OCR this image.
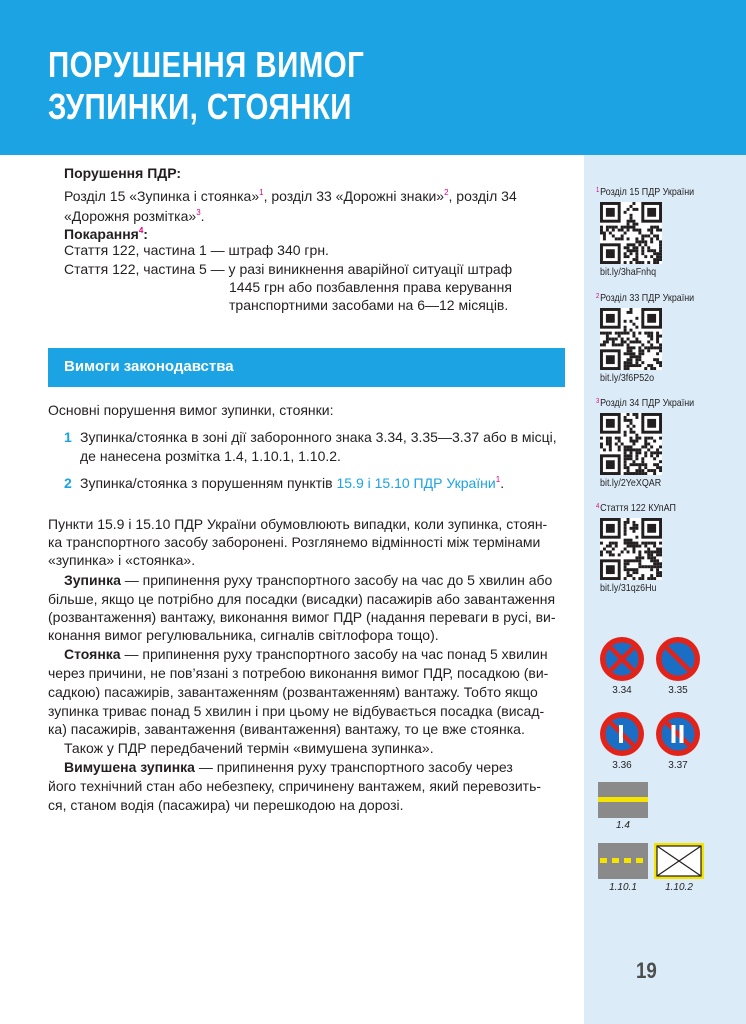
ПОРУШЕННЯ ВИМОГ
ЗУПИНКИ, СТОЯНКИ
$^1$Розділ 15 ПДР України
bit.ly/3haFnhq
$^2$Розділ 33 ПДР України
bit.ly/3f6P52o
$^3$Розділ 34 ПДР України
bit.ly/2YeXQAR
$^4$Стаття 122 КУпАП
bit.ly/31qz6Hu
3.34	3.35
3.36	3.37
1.4
1.10.1	1.10.2
19
Порушення ПДР:
Розділ 15 «Зупинка і стоянка»$^1$, розділ 33 «Дорожні знаки»$^2$, розділ 34
«Дорожня розмітка»$^3$.
Покарання$^4$:
Стаття 122, частина 1 — штраф 340 грн.
Стаття 122, частина 5 — у разі виникнення аварійної ситуації штраф
1445 грн або позбавлення права керування
транспортними засобами на 6—12 місяців.
Вимоги законодавства
Основні порушення вимог зупинки, стоянки:
1 Зупинка/стоянка в зоні дії заборонного знака 3.34, 3.35—3.37 або в місці,
де нанесена розмітка 1.4, 1.10.1, 1.10.2.
2 Зупинка/стоянка з порушенням пунктів 15.9 і 15.10 ПДР України$^1$.
Пункти 15.9 і 15.10 ПДР України обумовлюють випадки, коли зупинка, стоян-
ка транспортного засобу заборонені. Розглянемо відмінності між термінами
«зупинка» і «стоянка».
Зупинка — припинення руху транспортного засобу на час до 5 хвилин або
більше, якщо це потрібно для посадки (висадки) пасажирів або завантаження
(розвантаження) вантажу, виконання вимог ПДР (надання переваги в русі, ви-
конання вимог регулювальника, сигналів світлофора тощо).
Стоянка — припинення руху транспортного засобу на час понад 5 хвилин
через причини, не пов’язані з потребою виконання вимог ПДР, посадкою (ви-
садкою) пасажирів, завантаженням (розвантаженням) вантажу. Тобто якщо
зупинка триває понад 5 хвилин і при цьому не відбувається посадка (висад-
ка) пасажирів, завантаження (вивантаження) вантажу, то це вже стоянка.
Також у ПДР передбачений термін «вимушена зупинка».
Вимушена зупинка — припинення руху транспортного засобу через
його технічний стан або небезпеку, спричинену вантажем, який перевозить-
ся, станом водія (пасажира) чи перешкодою на дорозі.
